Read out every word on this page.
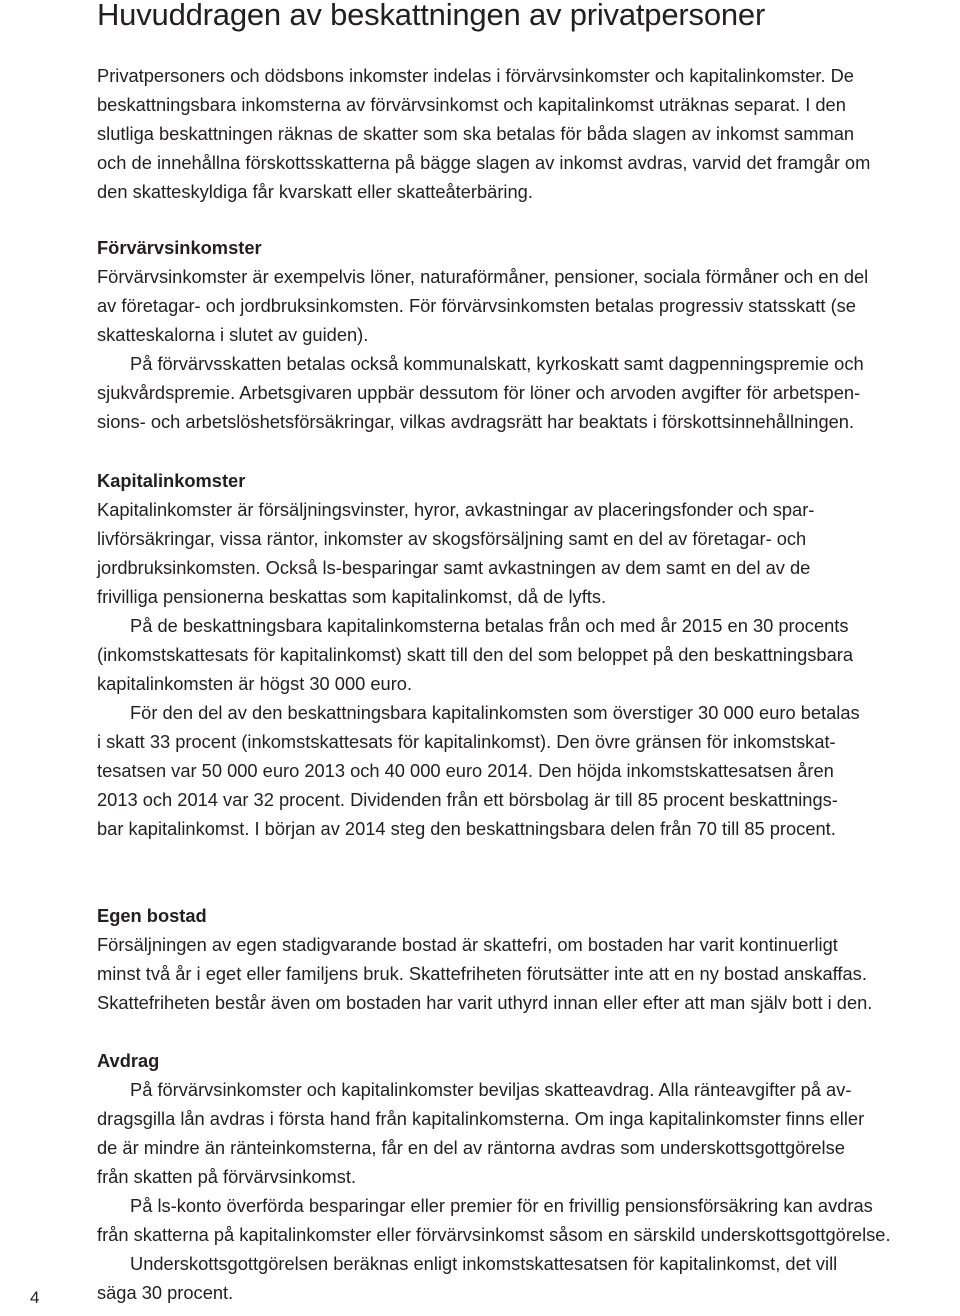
Huvuddragen av beskattningen av privatpersoner
Privatpersoners och dödsbons inkomster indelas i förvärvsinkomster och kapitalinkomster. De
beskattningsbara inkomsterna av förvärvsinkomst och kapitalinkomst uträknas separat. I den
slutliga beskattningen räknas de skatter som ska betalas för båda slagen av inkomst samman
och de innehållna förskottsskatterna på bägge slagen av inkomst avdras, varvid det framgår om
den skatteskyldiga får kvarskatt eller skatteåterbäring.
Förvärvsinkomster
Förvärvsinkomster är exempelvis löner, naturaförmåner, pensioner, sociala förmåner och en del
av företagar- och jordbruksinkomsten. För förvärvsinkomsten betalas progressiv statsskatt (se
skatteskalorna i slutet av guiden).
På förvärvsskatten betalas också kommunalskatt, kyrkoskatt samt dagpenningspremie och
sjukvårdspremie. Arbetsgivaren uppbär dessutom för löner och arvoden avgifter för arbetspen-
sions- och arbetslöshetsförsäkringar, vilkas avdragsrätt har beaktats i förskottsinnehållningen.
Kapitalinkomster
Kapitalinkomster är försäljningsvinster, hyror, avkastningar av placeringsfonder och spar-
livförsäkringar, vissa räntor, inkomster av skogsförsäljning samt en del av företagar- och
jordbruksinkomsten. Också ls-besparingar samt avkastningen av dem samt en del av de
frivilliga pensionerna beskattas som kapitalinkomst, då de lyfts.
På de beskattningsbara kapitalinkomsterna betalas från och med år 2015 en 30 procents
(inkomstskattesats för kapitalinkomst) skatt till den del som beloppet på den beskattningsbara
kapitalinkomsten är högst 30 000 euro.
För den del av den beskattningsbara kapitalinkomsten som överstiger 30 000 euro betalas
i skatt 33 procent (inkomstskattesats för kapitalinkomst). Den övre gränsen för inkomstskat-
tesatsen var 50 000 euro 2013 och 40 000 euro 2014. Den höjda inkomstskattesatsen åren
2013 och 2014 var 32 procent. Dividenden från ett börsbolag är till 85 procent beskattnings-
bar kapitalinkomst. I början av 2014 steg den beskattningsbara delen från 70 till 85 procent.
Egen bostad
Försäljningen av egen stadigvarande bostad är skattefri, om bostaden har varit kontinuerligt
minst två år i eget eller familjens bruk. Skattefriheten förutsätter inte att en ny bostad anskaffas.
Skattefriheten består även om bostaden har varit uthyrd innan eller efter att man själv bott i den.
Avdrag
På förvärvsinkomster och kapitalinkomster beviljas skatteavdrag. Alla ränteavgifter på av-
dragsgilla lån avdras i första hand från kapitalinkomsterna. Om inga kapitalinkomster finns eller
de är mindre än ränteinkomsterna, får en del av räntorna avdras som underskottsgottgörelse
från skatten på förvärvsinkomst.
På ls-konto överförda besparingar eller premier för en frivillig pensionsförsäkring kan avdras
från skatterna på kapitalinkomster eller förvärvsinkomst såsom en särskild underskottsgottgörelse.
Underskottsgottgörelsen beräknas enligt inkomstskattesatsen för kapitalinkomst, det vill
säga 30 procent.
4
